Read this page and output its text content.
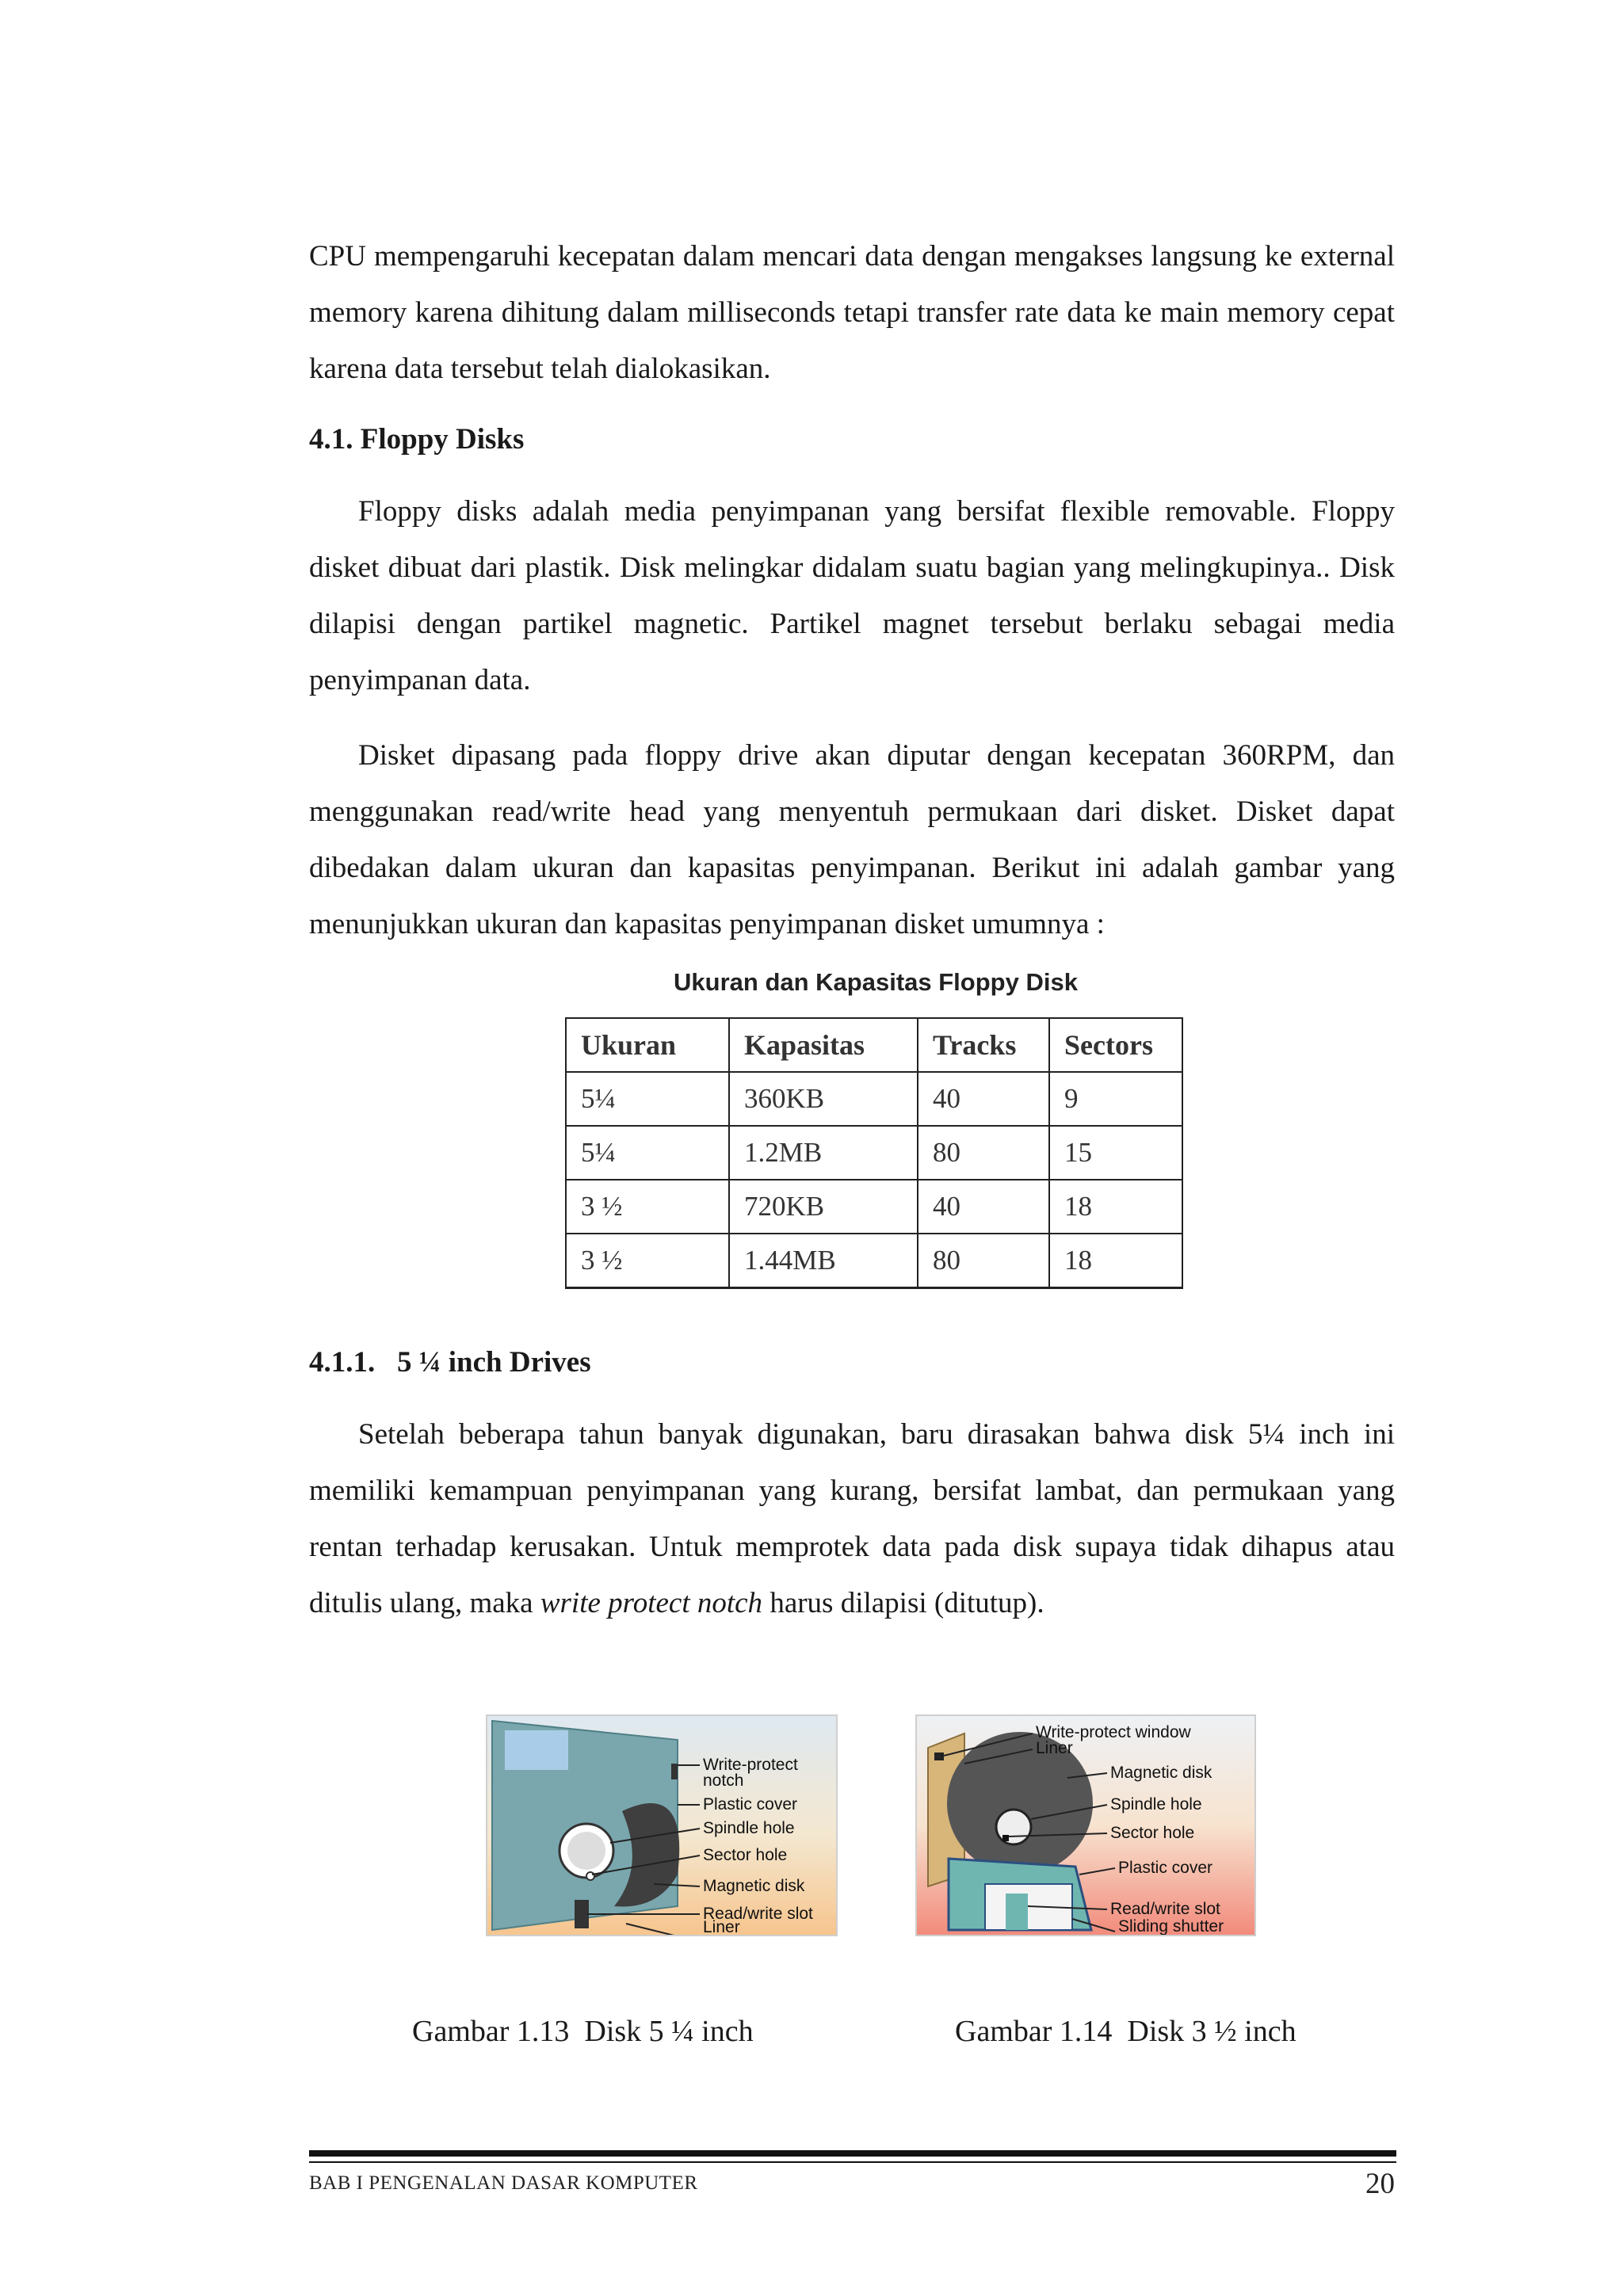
CPU mempengaruhi kecepatan dalam mencari data dengan mengakses langsung ke external memory karena dihitung dalam milliseconds tetapi transfer rate data ke main memory cepat karena data tersebut telah dialokasikan.

4.1. Floppy Disks

Floppy disks adalah media penyimpanan yang bersifat flexible removable. Floppy disket dibuat dari plastik. Disk melingkar didalam suatu bagian yang melingkupinya.. Disk dilapisi dengan partikel magnetic. Partikel magnet tersebut berlaku sebagai media penyimpanan data.

Disket dipasang pada floppy drive akan diputar dengan kecepatan 360RPM, dan menggunakan read/write head yang menyentuh permukaan dari disket. Disket dapat dibedakan dalam ukuran dan kapasitas penyimpanan. Berikut ini adalah gambar yang menunjukkan ukuran dan kapasitas penyimpanan disket umumnya :

Ukuran dan Kapasitas Floppy Disk
Ukuran	Kapasitas	Tracks	Sectors
5¼	360KB	40	9
5¼	1.2MB	80	15
3 ½	720KB	40	18
3 ½	1.44MB	80	18
4.1.1.   5 ¼ inch Drives

Setelah beberapa tahun banyak digunakan, baru dirasakan bahwa disk 5¼ inch ini memiliki kemampuan penyimpanan yang kurang, bersifat lambat, dan permukaan yang rentan terhadap kerusakan. Untuk memprotek data pada disk supaya tidak dihapus atau ditulis ulang, maka write protect notch harus dilapisi (ditutup).

Write-protect
notch
Plastic cover
Spindle hole
Sector hole
Magnetic disk
Read/write slot
Liner
Write-protect window
Liner
Magnetic disk
Spindle hole
Sector hole
Plastic cover
Read/write slot
Sliding shutter
Gambar 1.13  Disk 5 ¼ inch	Gambar 1.14  Disk 3 ½ inch
BAB I PENGENALAN DASAR KOMPUTER	20
